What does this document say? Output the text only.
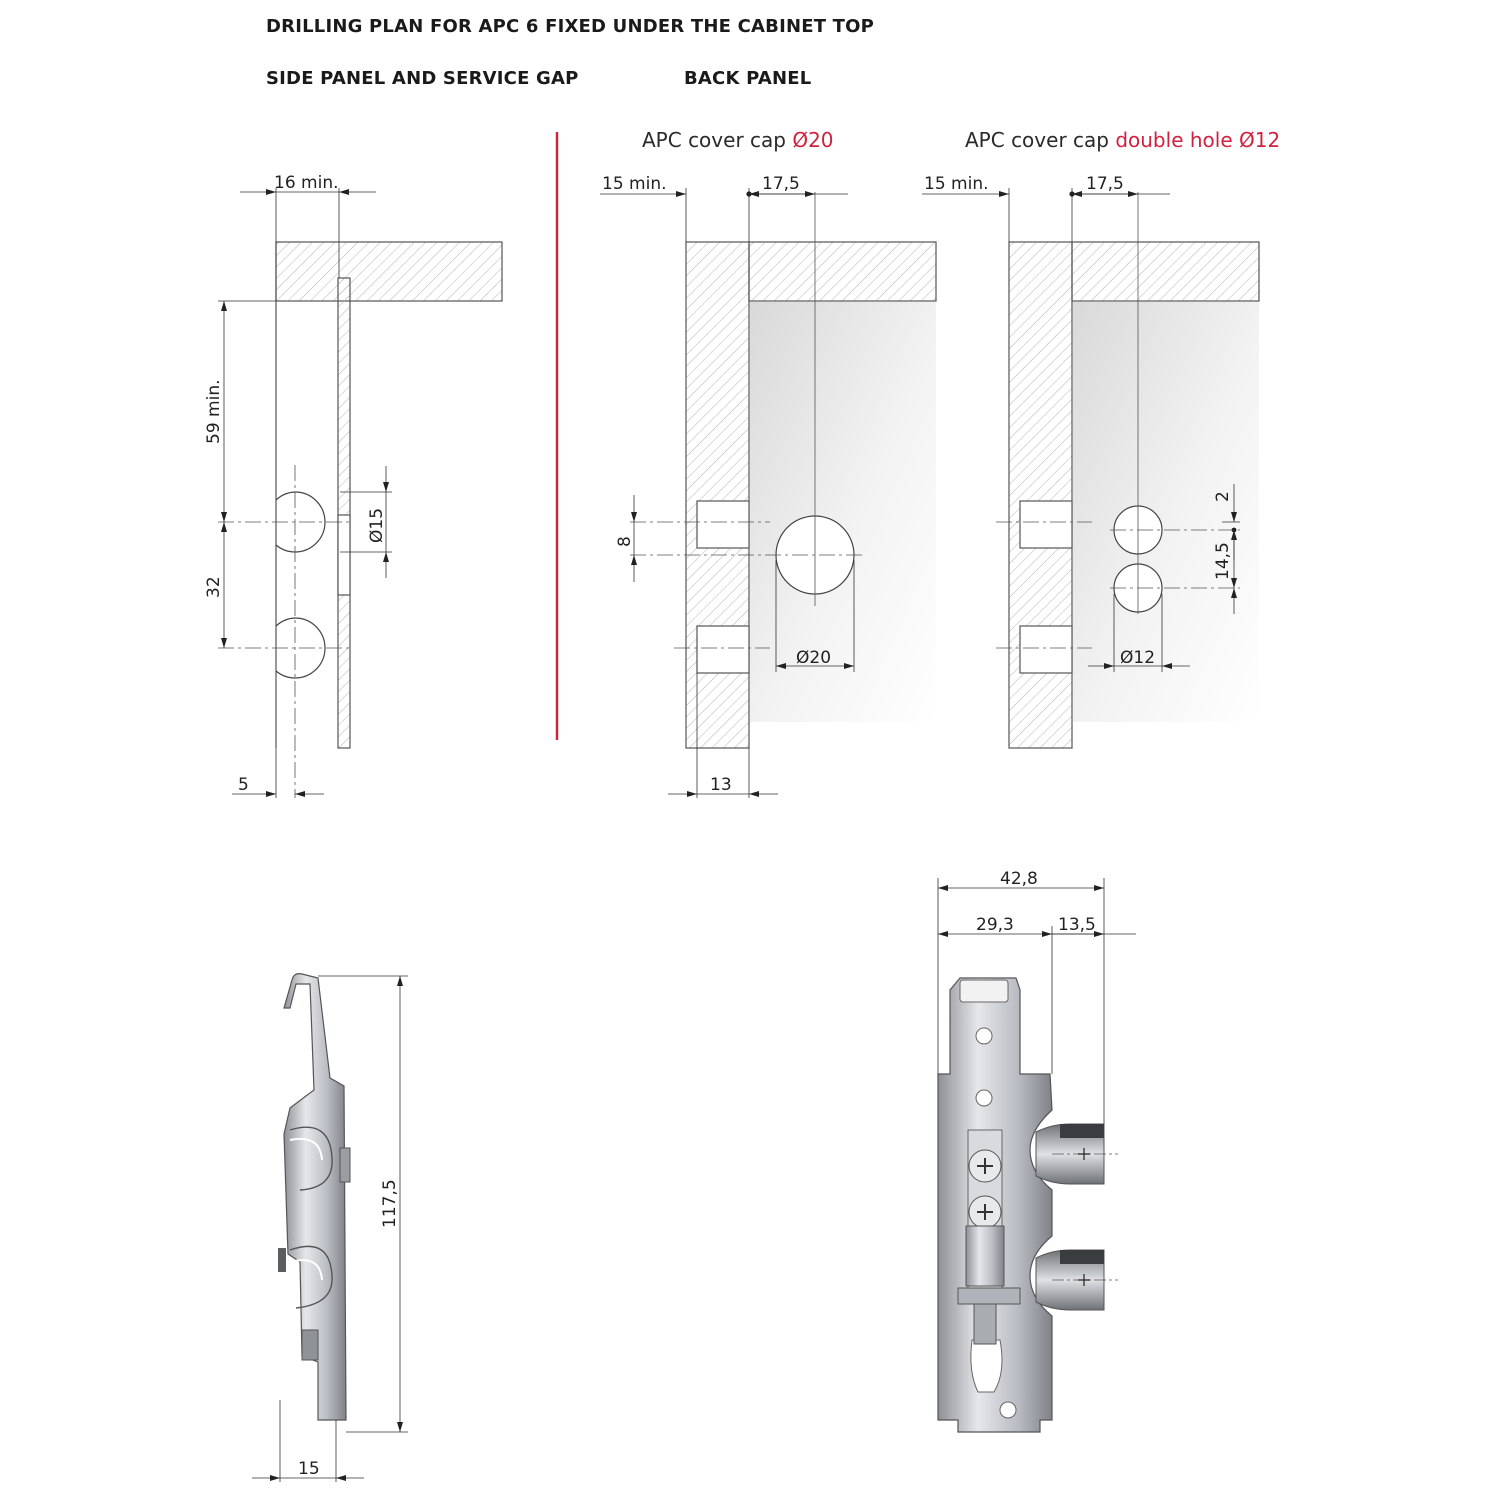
DRILLING PLAN FOR APC 6 FIXED UNDER THE CABINET TOP
SIDE PANEL AND SERVICE GAP	BACK PANEL
APC cover cap Ø20	APC cover cap double hole Ø12
16 min.
59 min.
Ø15
32
5
15 min.	17,5
8
Ø20
13
15 min.	17,5
2
14,5
Ø12
117,5
15
42,8
29,3	13,5
